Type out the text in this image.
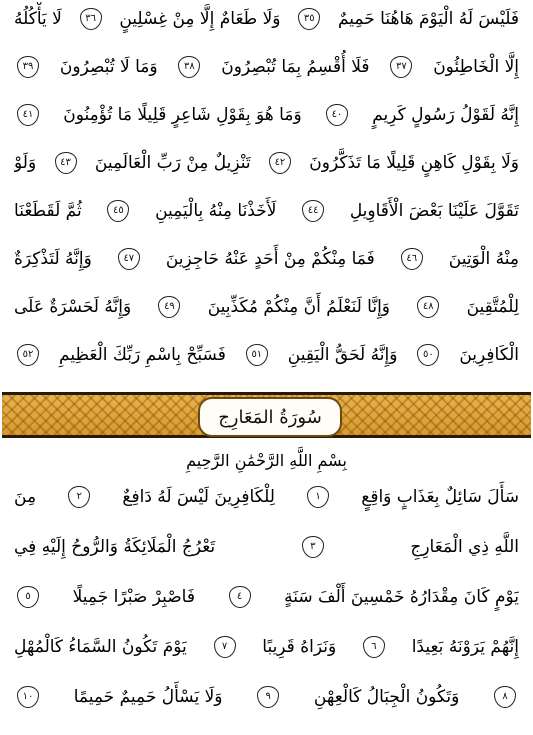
فَلَيْسَ لَهُ الْيَوْمَ هَاهُنَا حَمِيمٌ
٣٥
وَلَا طَعَامٌ إِلَّا مِنْ غِسْلِينٍ
٣٦
لَا يَأْكُلُهُ
إِلَّا الْخَاطِئُونَ
٣٧
فَلَا أُقْسِمُ بِمَا تُبْصِرُونَ
٣٨
وَمَا لَا تُبْصِرُونَ
٣٩
إِنَّهُ لَقَوْلُ رَسُولٍ كَرِيمٍ
٤٠
وَمَا هُوَ بِقَوْلِ شَاعِرٍ قَلِيلًا مَا تُؤْمِنُونَ
٤١
وَلَا بِقَوْلِ كَاهِنٍ قَلِيلًا مَا تَذَكَّرُونَ
٤٢
تَنْزِيلٌ مِنْ رَبِّ الْعَالَمِينَ
٤٣
وَلَوْ
تَقَوَّلَ عَلَيْنَا بَعْضَ الْأَقَاوِيلِ
٤٤
لَأَخَذْنَا مِنْهُ بِالْيَمِينِ
٤٥
ثُمَّ لَقَطَعْنَا
مِنْهُ الْوَتِينَ
٤٦
فَمَا مِنْكُمْ مِنْ أَحَدٍ عَنْهُ حَاجِزِينَ
٤٧
وَإِنَّهُ لَتَذْكِرَةٌ
لِلْمُتَّقِينَ
٤٨
وَإِنَّا لَنَعْلَمُ أَنَّ مِنْكُمْ مُكَذِّبِينَ
٤٩
وَإِنَّهُ لَحَسْرَةٌ عَلَى
الْكَافِرِينَ
٥٠
وَإِنَّهُ لَحَقُّ الْيَقِينِ
٥١
فَسَبِّحْ بِاسْمِ رَبِّكَ الْعَظِيمِ
٥٢
سُورَةُ المَعَارِج
بِسْمِ اللَّهِ الرَّحْمَٰنِ الرَّحِيمِ
سَأَلَ سَائِلٌ بِعَذَابٍ وَاقِعٍ
١
لِلْكَافِرِينَ لَيْسَ لَهُ دَافِعٌ
٢
مِنَ
اللَّهِ ذِي الْمَعَارِجِ
٣
تَعْرُجُ الْمَلَائِكَةُ وَالرُّوحُ إِلَيْهِ فِي
يَوْمٍ كَانَ مِقْدَارُهُ خَمْسِينَ أَلْفَ سَنَةٍ
٤
فَاصْبِرْ صَبْرًا جَمِيلًا
٥
إِنَّهُمْ يَرَوْنَهُ بَعِيدًا
٦
وَنَرَاهُ قَرِيبًا
٧
يَوْمَ تَكُونُ السَّمَاءُ كَالْمُهْلِ
٨
وَتَكُونُ الْجِبَالُ كَالْعِهْنِ
٩
وَلَا يَسْأَلُ حَمِيمٌ حَمِيمًا
١٠
